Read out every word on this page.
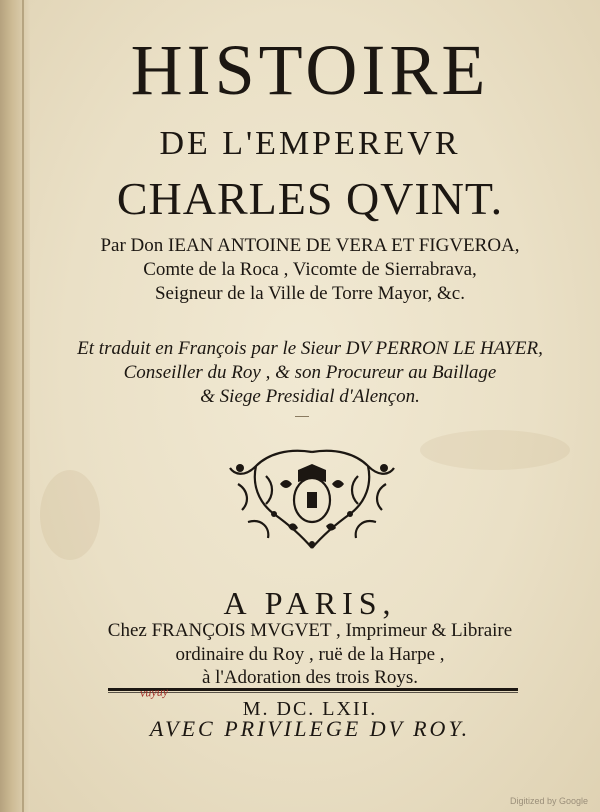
HISTOIRE
DE L'EMPEREVR
CHARLES QVINT.
Par Don IEAN ANTOINE DE VERA ET FIGVEROA,
Comte de la Roca , Vicomte de Sierrabrava,
Seigneur de la Ville de Torre Mayor, &c.
Et traduit en François par le Sieur DV PERRON LE HAYER,
Conseiller du Roy , & son Procureur au Baillage
& Siege Presidial d'Alençon.
A PARIS,
Chez FRANÇOIS MVGVET , Imprimeur & Libraire
ordinaire du Roy , ruë de la Harpe ,
à l'Adoration des trois Roys.
vuyuy
M. DC. LXII.
AVEC PRIVILEGE DV ROY.
Digitized by Google
